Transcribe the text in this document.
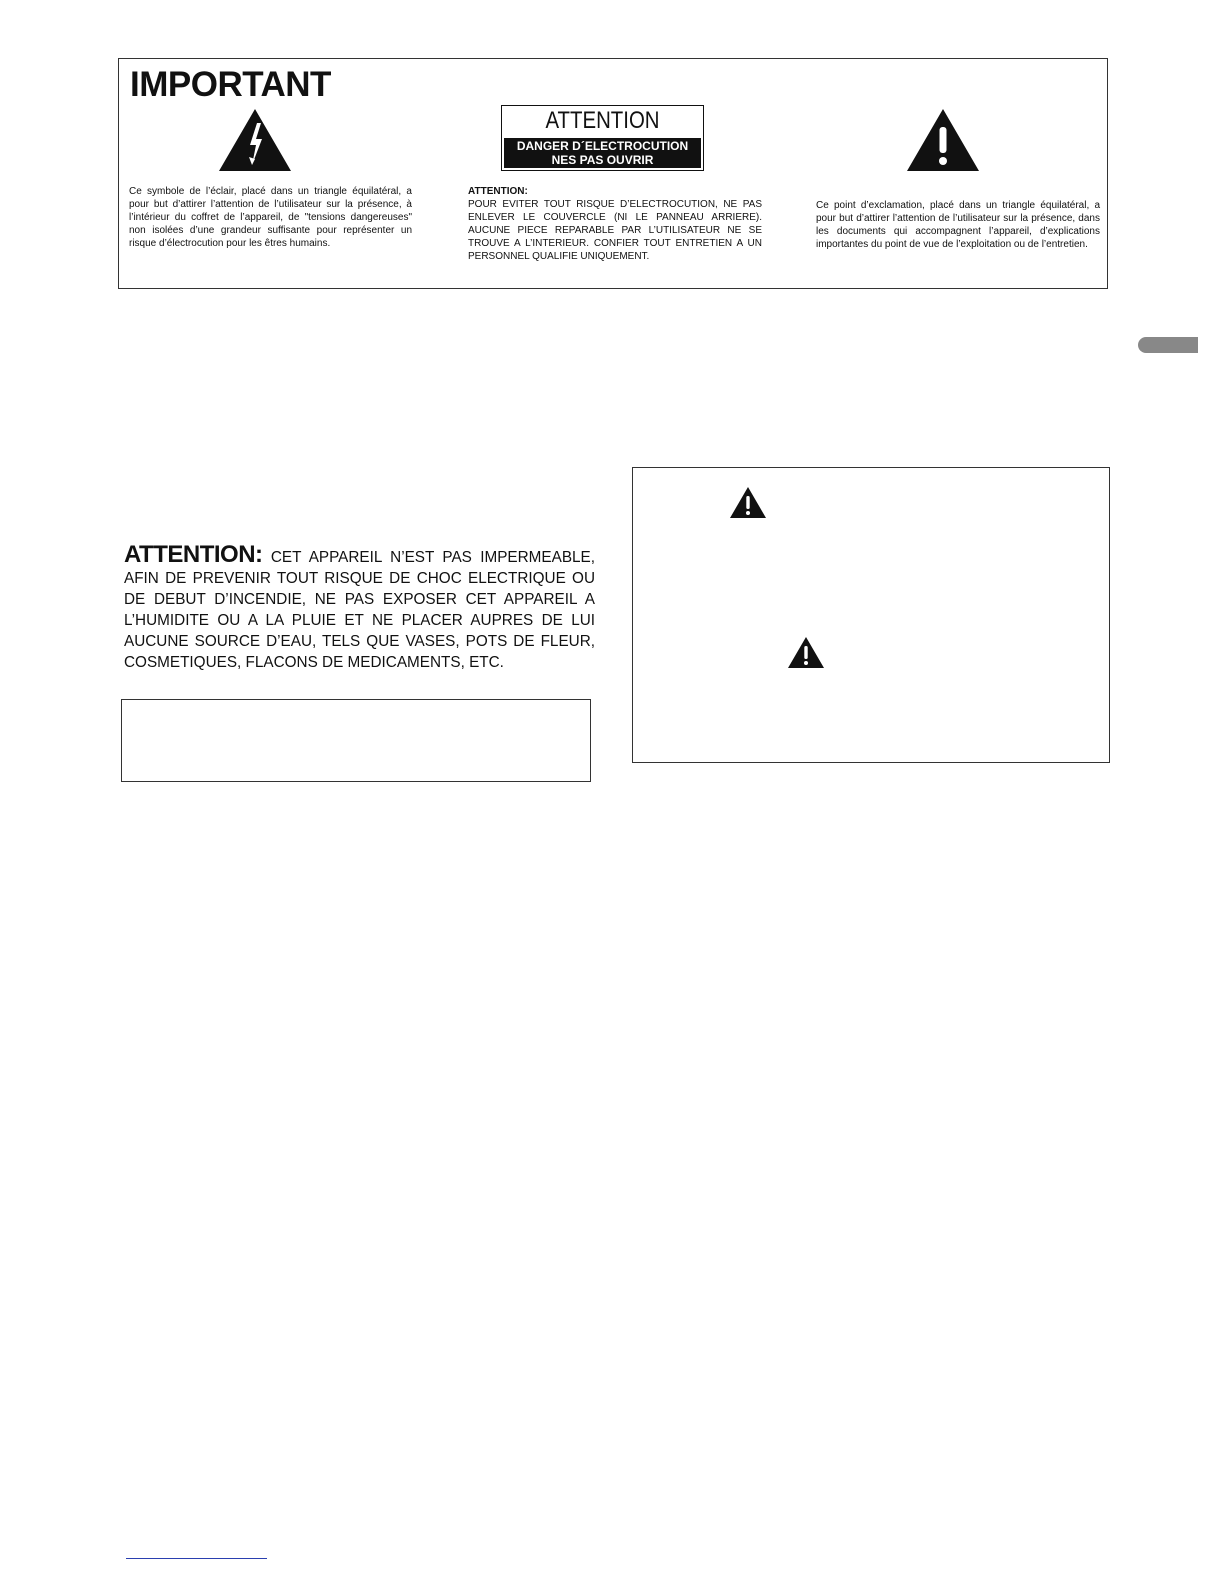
IMPORTANT
Ce symbole de l’éclair, placé dans un triangle équilatéral, a pour but d’attirer l’attention de l’utilisateur sur la présence, à l’intérieur du coffret de l’appareil, de "tensions dangereuses" non isolées d’une grandeur suffisante pour représenter un risque d’électrocution pour les êtres humains.
ATTENTION
DANGER D´ELECTROCUTION
NES PAS OUVRIR
ATTENTION:
POUR EVITER TOUT RISQUE D’ELECTROCUTION, NE PAS ENLEVER LE COUVERCLE (NI LE PANNEAU ARRIERE). AUCUNE PIECE REPARABLE PAR L’UTILISATEUR NE SE TROUVE A L’INTERIEUR. CONFIER TOUT ENTRETIEN A UN PERSONNEL QUALIFIE UNIQUEMENT.
Ce point d’exclamation, placé dans un triangle équilatéral, a pour but d’attirer l’attention de l’utilisateur sur la présence, dans les documents qui accompagnent l’appareil, d’explications importantes du point de vue de l’exploitation ou de l’entretien.
ATTENTION: CET APPAREIL N’EST PAS IMPERMEABLE, AFIN DE PREVENIR TOUT RISQUE DE CHOC ELECTRIQUE OU DE DEBUT D’INCENDIE, NE PAS EXPOSER CET APPAREIL A L’HUMIDITE OU A LA PLUIE ET NE PLACER AUPRES DE LUI AUCUNE SOURCE D’EAU, TELS QUE VASES, POTS DE FLEUR, COSMETIQUES, FLACONS DE MEDICAMENTS, ETC.
